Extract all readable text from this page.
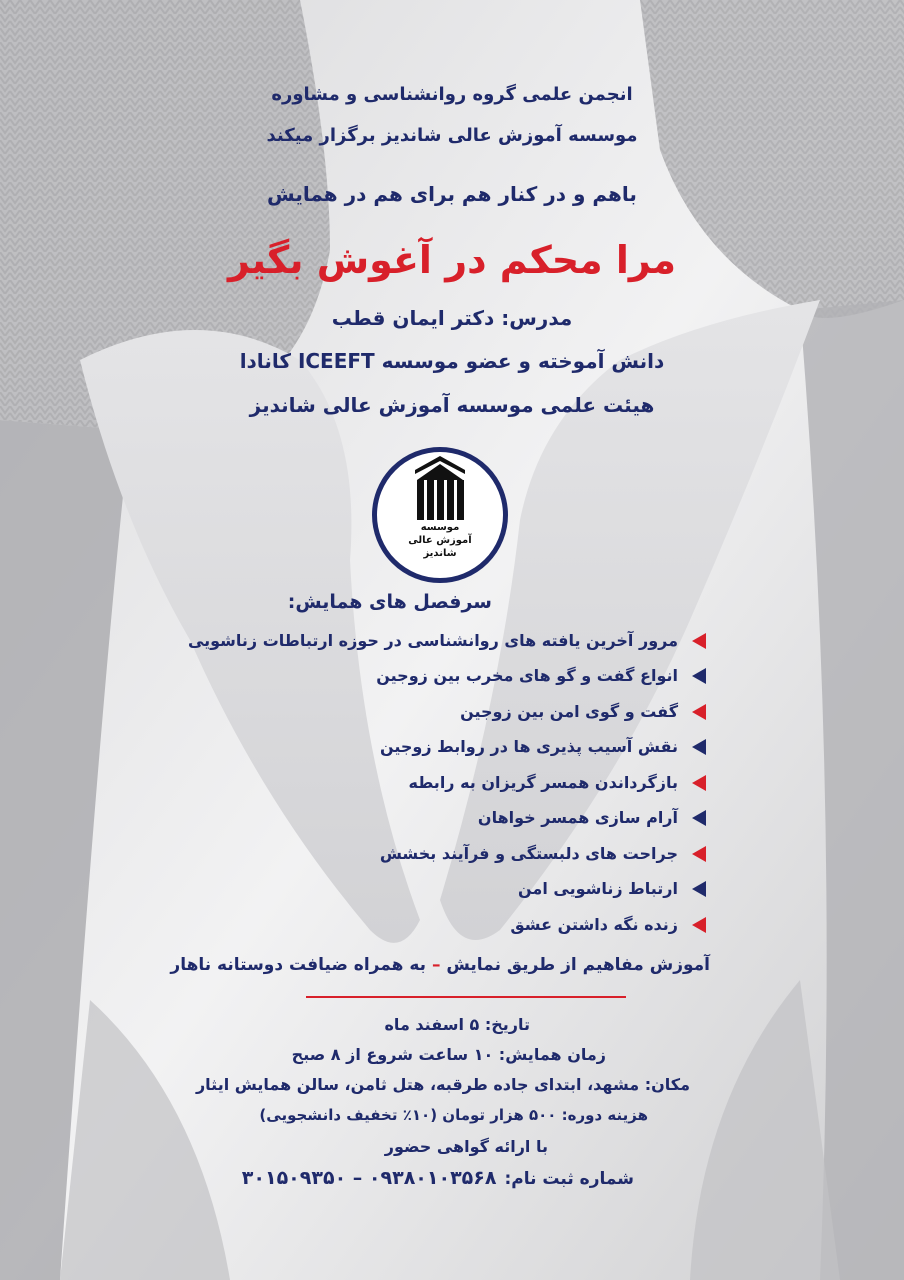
انجمن علمی گروه روانشناسی و مشاوره
موسسه آموزش عالی شاندیز برگزار میکند
باهم و در کنار هم برای هم در همایش
مرا محکم در آغوش بگیر
مدرس: دکتر ایمان قطب
دانش آموخته و عضو موسسه ICEEFT کانادا
هیئت علمی موسسه آموزش عالی شاندیز
موسسه
آموزش عالی
شاندیز
سرفصل های همایش:
مرور آخرین یافته های روانشناسی در حوزه ارتباطات زناشویی
انواع گفت و گو های مخرب بین زوجین
گفت و گوی امن بین زوجین
نقش آسیب پذیری ها در روابط زوجین
بازگرداندن همسر گریزان به رابطه
آرام سازی همسر خواهان
جراحت های دلبستگی و فرآیند بخشش
ارتباط زناشویی امن
زنده نگه داشتن عشق
آموزش مفاهیم از طریق نمایش – به همراه ضیافت دوستانه ناهار
تاریخ: ۵ اسفند ماه
زمان همایش: ۱۰ ساعت شروع از ۸ صبح
مکان: مشهد، ابتدای جاده طرقبه، هتل ثامن، سالن همایش ایثار
هزینه دوره: ۵۰۰ هزار تومان (۱۰٪ تخفیف دانشجویی)
با ارائه گواهی حضور
شماره ثبت نام:۰۹۳۸۰۱۰۳۵۶۸ – ۳۰۱۵۰۹۳۵۰
